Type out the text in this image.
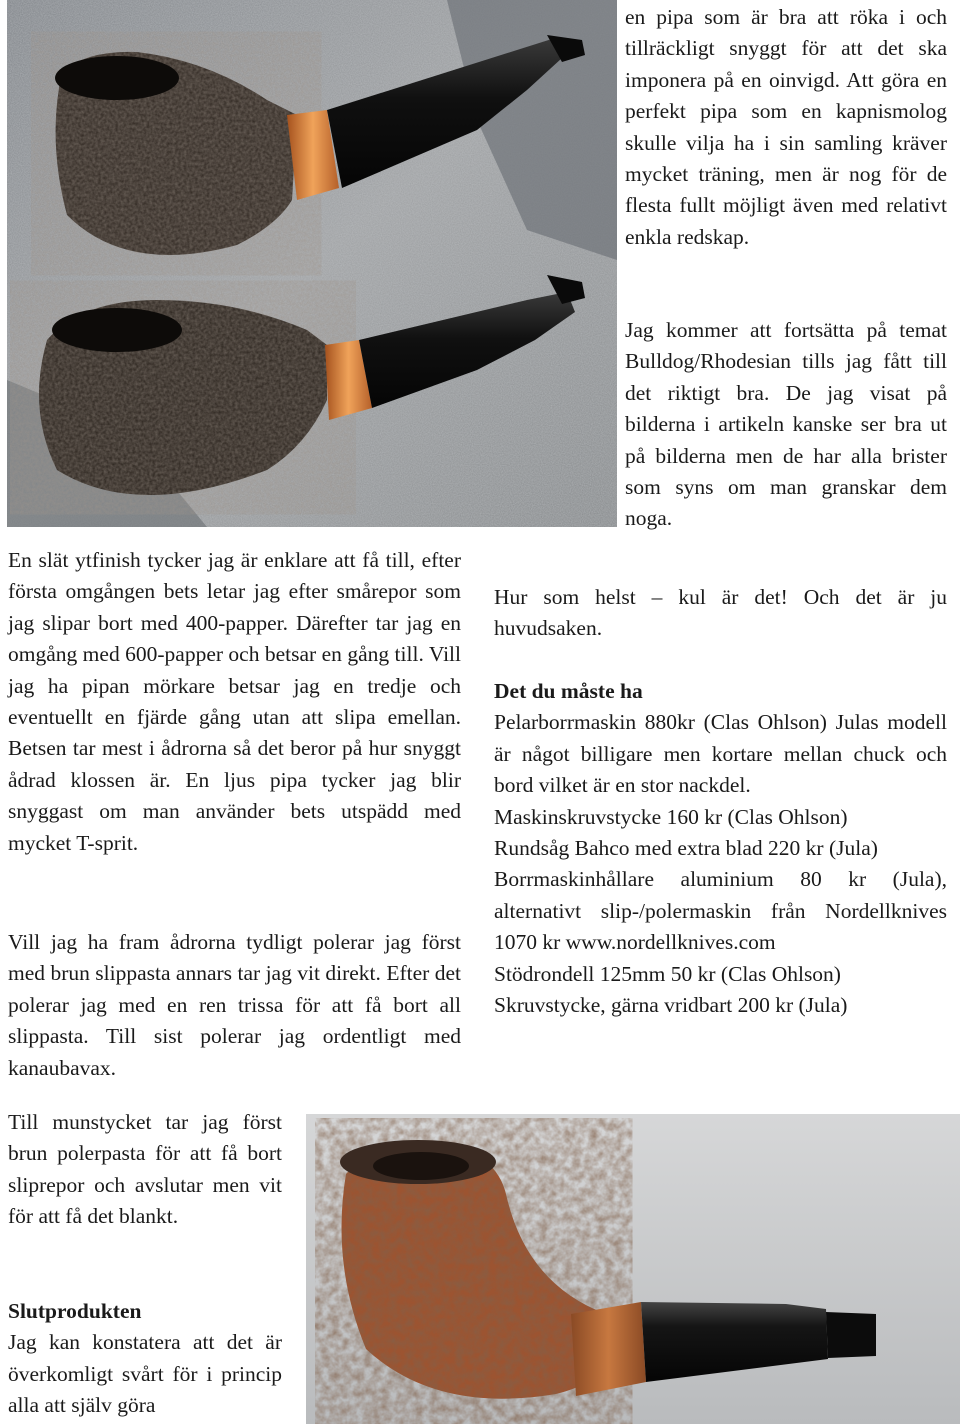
en pipa som är bra att röka i och tillräckligt snyggt för att det ska imponera på en oinvigd. Att göra en perfekt pipa som en kapnismolog skulle vilja ha i sin samling kräver mycket träning, men är nog för de flesta fullt möjligt även med relativt enkla redskap.
Jag kommer att fortsätta på temat Bulldog/Rhodesian tills jag fått till det riktigt bra. De jag visat på bilderna i artikeln kanske ser bra ut på bilderna men de har alla brister som syns om man granskar dem noga.
Hur som helst – kul är det! Och det är ju huvudsaken.
En slät ytfinish tycker jag är enklare att få till, efter första omgången bets letar jag efter smårepor som jag slipar bort med 400-papper. Därefter tar jag en omgång med 600-papper och betsar en gång till. Vill jag ha pipan mörkare betsar jag en tredje och eventuellt en fjärde gång utan att slipa emellan. Betsen tar mest i ådrorna så det beror på hur snyggt ådrad klossen är. En ljus pipa tycker jag blir snyggast om man använder bets utspädd med mycket T-sprit.
Vill jag ha fram ådrorna tydligt polerar jag först med brun slippasta annars tar jag vit direkt. Efter det polerar jag med en ren trissa för att få bort all slippasta. Till sist polerar jag ordentligt med kanaubavax.

Det du måste ha

Pelarborrmaskin 880kr (Clas Ohlson) Julas modell är något billigare men kortare mellan chuck och bord vilket är en stor nackdel.

Maskinskruvstycke 160 kr (Clas Ohlson)

Rundsåg Bahco med extra blad 220 kr (Jula)

Borrmaskinhållare aluminium 80 kr (Jula), alternativt slip-/polermaskin från Nordellknives 1070 kr www.nordellknives.com

Stödrondell 125mm 50 kr (Clas Ohlson)

Skruvstycke, gärna vridbart 200 kr (Jula)

Till munstycket tar jag först brun polerpasta för att få bort sliprepor och avslutar men vit för att få det blankt.

Slutprodukten

Jag kan konstatera att det är överkomligt svårt för i princip alla att själv göra
